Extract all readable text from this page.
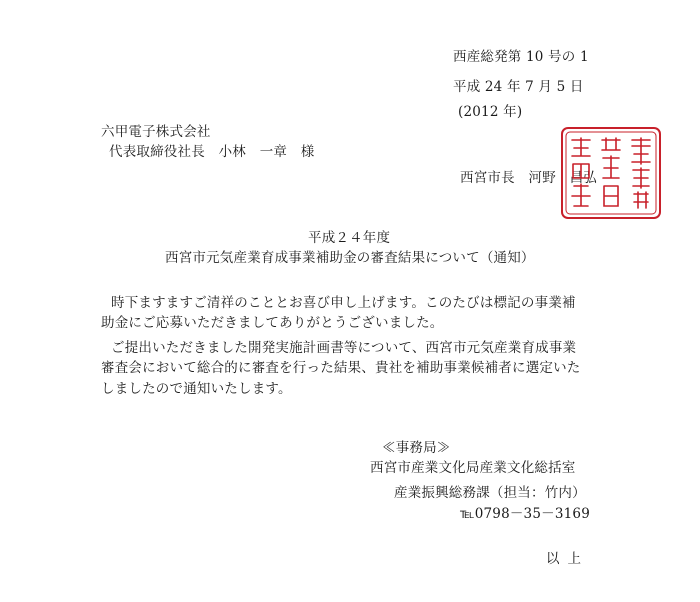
西産総発第 10 号の 1
平成 24 年 7 月 5 日
(2012 年)
六甲電子株式会社
代表取締役社長　小林　一章　様
西宮市長　河野　昌弘
平成２４年度
西宮市元気産業育成事業補助金の審査結果について（通知）
時下ますますご清祥のこととお喜び申し上げます。このたびは標記の事業補
助金にご応募いただきましてありがとうございました。
ご提出いただきました開発実施計画書等について、西宮市元気産業育成事業
審査会において総合的に審査を行った結果、貴社を補助事業候補者に選定いた
しましたので通知いたします。
≪事務局≫
西宮市産業文化局産業文化総括室
産業振興総務課（担当：竹内）
℡0798－35－3169
以上
